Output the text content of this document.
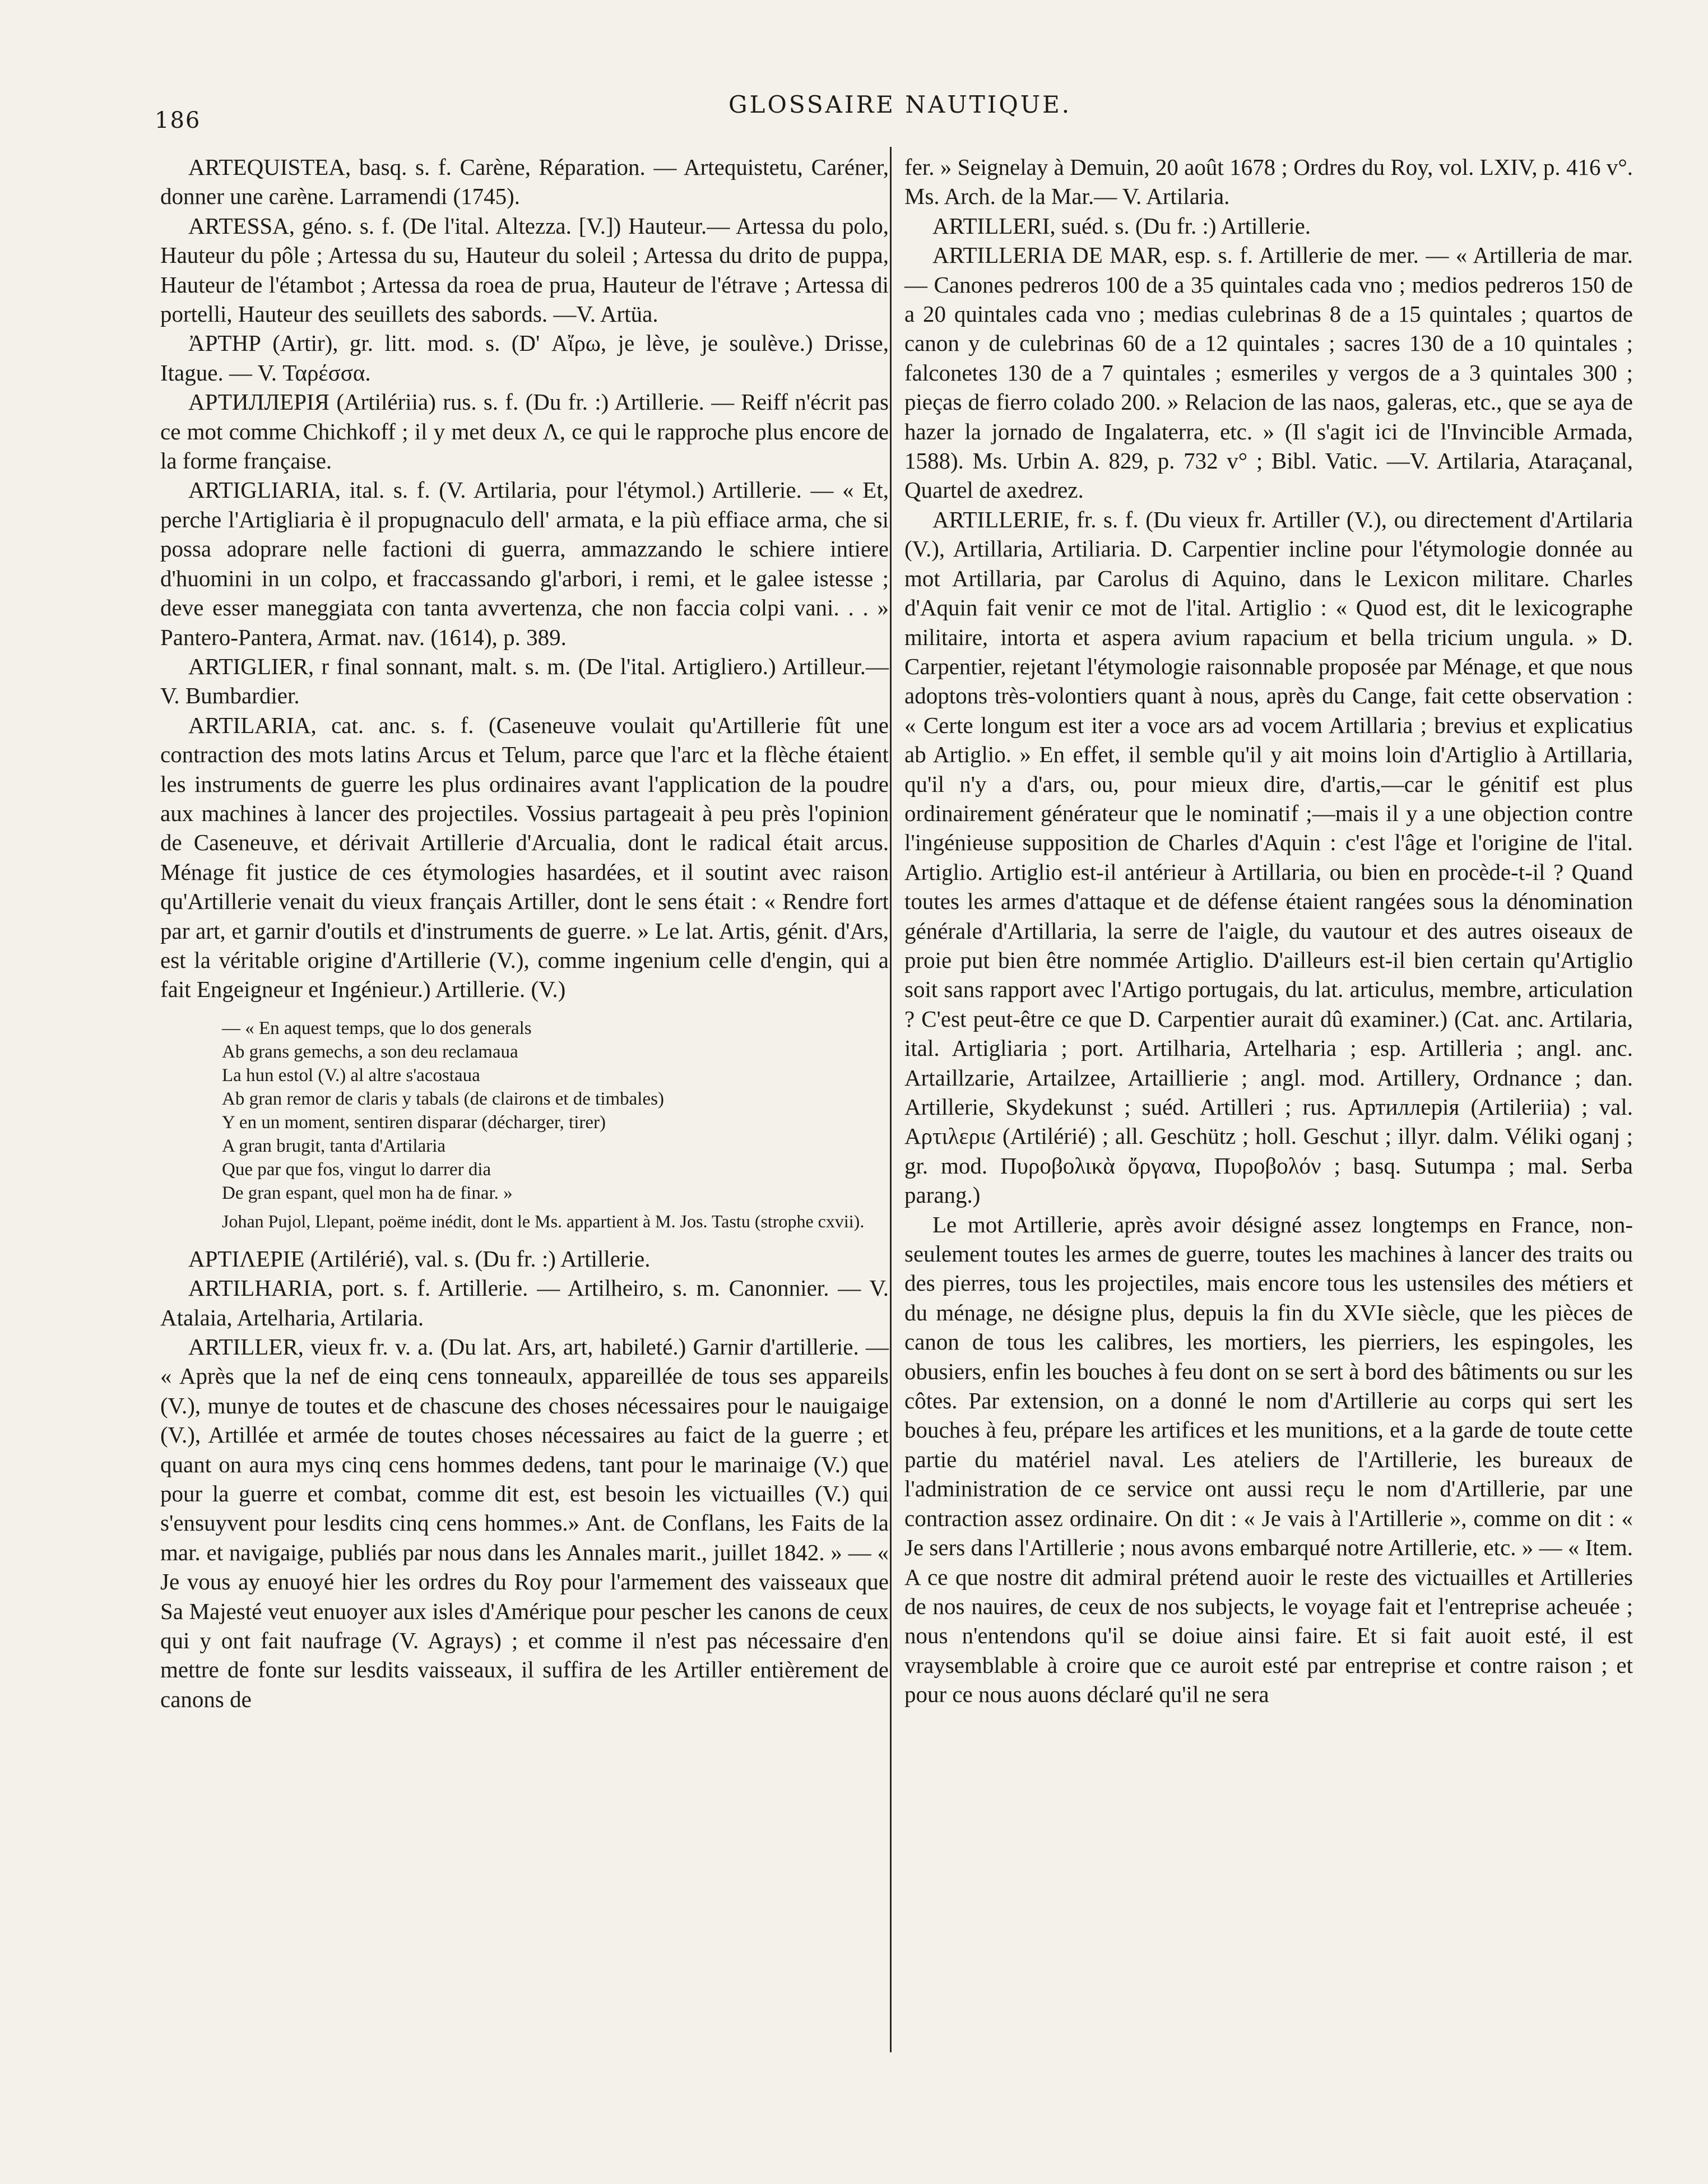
186
GLOSSAIRE NAUTIQUE.

ARTEQUISTEA, basq. s. f. Carène, Réparation. — Artequistetu, Caréner, donner une carène. Larramendi (1745).

ARTESSA, géno. s. f. (De l'ital. Altezza. [V.]) Hauteur.— Artessa du polo, Hauteur du pôle ; Artessa du su, Hauteur du soleil ; Artessa du drito de puppa, Hauteur de l'étambot ; Artessa da roea de prua, Hauteur de l'étrave ; Artessa di portelli, Hauteur des seuillets des sabords. —V. Artüa.

ἈΡΤΗΡ (Artir), gr. litt. mod. s. (D' Αἴρω, je lève, je soulève.) Drisse, Itague. — V. Ταρέσσα.

АРТИЛЛЕРIЯ (Artilériia) rus. s. f. (Du fr. :) Artillerie. — Reiff n'écrit pas ce mot comme Chichkoff ; il y met deux Λ, ce qui le rapproche plus encore de la forme française.

ARTIGLIARIA, ital. s. f. (V. Artilaria, pour l'étymol.) Artillerie. — « Et, perche l'Artigliaria è il propugnaculo dell' armata, e la più effiace arma, che si possa adoprare nelle factioni di guerra, ammazzando le schiere intiere d'huomini in un colpo, et fraccassando gl'arbori, i remi, et le galee istesse ; deve esser maneggiata con tanta avvertenza, che non faccia colpi vani. . . » Pantero-Pantera, Armat. nav. (1614), p. 389.

ARTIGLIER, r final sonnant, malt. s. m. (De l'ital. Artigliero.) Artilleur.— V. Bumbardier.

ARTILARIA, cat. anc. s. f. (Caseneuve voulait qu'Artillerie fût une contraction des mots latins Arcus et Telum, parce que l'arc et la flèche étaient les instruments de guerre les plus ordinaires avant l'application de la poudre aux machines à lancer des projectiles. Vossius partageait à peu près l'opinion de Caseneuve, et dérivait Artillerie d'Arcualia, dont le radical était arcus. Ménage fit justice de ces étymologies hasardées, et il soutint avec raison qu'Artillerie venait du vieux français Artiller, dont le sens était : « Rendre fort par art, et garnir d'outils et d'instruments de guerre. » Le lat. Artis, génit. d'Ars, est la véritable origine d'Artillerie (V.), comme ingenium celle d'engin, qui a fait Engeigneur et Ingénieur.) Artillerie. (V.)

— « En aquest temps, que lo dos generals
Ab grans gemechs, a son deu reclamaua
La hun estol (V.) al altre s'acostaua
Ab gran remor de claris y tabals (de clairons et de timbales)
Y en un moment, sentiren disparar (décharger, tirer)
A gran brugit, tanta d'Artilaria
Que par que fos, vingut lo darrer dia
De gran espant, quel mon ha de finar. »
Johan Pujol, Llepant, poëme inédit, dont le Ms. appartient à M. Jos. Tastu (strophe cxvii).

ΑΡΤΙΛΕΡΙΕ (Artilérié), val. s. (Du fr. :) Artillerie.

ARTILHARIA, port. s. f. Artillerie. — Artilheiro, s. m. Canonnier. — V. Atalaia, Artelharia, Artilaria.

ARTILLER, vieux fr. v. a. (Du lat. Ars, art, habileté.) Garnir d'artillerie. — « Après que la nef de einq cens tonneaulx, appareillée de tous ses appareils (V.), munye de toutes et de chascune des choses nécessaires pour le nauigaige (V.), Artillée et armée de toutes choses nécessaires au faict de la guerre ; et quant on aura mys cinq cens hommes dedens, tant pour le marinaige (V.) que pour la guerre et combat, comme dit est, est besoin les victuailles (V.) qui s'ensuyvent pour lesdits cinq cens hommes.» Ant. de Conflans, les Faits de la mar. et navigaige, publiés par nous dans les Annales marit., juillet 1842. » — « Je vous ay enuoyé hier les ordres du Roy pour l'armement des vaisseaux que Sa Majesté veut enuoyer aux isles d'Amérique pour pescher les canons de ceux qui y ont fait naufrage (V. Agrays) ; et comme il n'est pas nécessaire d'en mettre de fonte sur lesdits vaisseaux, il suffira de les Artiller entièrement de canons de

fer. » Seignelay à Demuin, 20 août 1678 ; Ordres du Roy, vol. LXIV, p. 416 v°. Ms. Arch. de la Mar.— V. Artilaria.

ARTILLERI, suéd. s. (Du fr. :) Artillerie.

ARTILLERIA DE MAR, esp. s. f. Artillerie de mer. — « Artilleria de mar. — Canones pedreros 100 de a 35 quintales cada vno ; medios pedreros 150 de a 20 quintales cada vno ; medias culebrinas 8 de a 15 quintales ; quartos de canon y de culebrinas 60 de a 12 quintales ; sacres 130 de a 10 quintales ; falconetes 130 de a 7 quintales ; esmeriles y vergos de a 3 quintales 300 ; pieças de fierro colado 200. » Relacion de las naos, galeras, etc., que se aya de hazer la jornado de Ingalaterra, etc. » (Il s'agit ici de l'Invincible Armada, 1588). Ms. Urbin A. 829, p. 732 v° ; Bibl. Vatic. —V. Artilaria, Ataraçanal, Quartel de axedrez.

ARTILLERIE, fr. s. f. (Du vieux fr. Artiller (V.), ou directement d'Artilaria (V.), Artillaria, Artiliaria. D. Carpentier incline pour l'étymologie donnée au mot Artillaria, par Carolus di Aquino, dans le Lexicon militare. Charles d'Aquin fait venir ce mot de l'ital. Artiglio : « Quod est, dit le lexicographe militaire, intorta et aspera avium rapacium et bella tricium ungula. » D. Carpentier, rejetant l'étymologie raisonnable proposée par Ménage, et que nous adoptons très-volontiers quant à nous, après du Cange, fait cette observation : « Certe longum est iter a voce ars ad vocem Artillaria ; brevius et explicatius ab Artiglio. » En effet, il semble qu'il y ait moins loin d'Artiglio à Artillaria, qu'il n'y a d'ars, ou, pour mieux dire, d'artis,—car le génitif est plus ordinairement générateur que le nominatif ;—mais il y a une objection contre l'ingénieuse supposition de Charles d'Aquin : c'est l'âge et l'origine de l'ital. Artiglio. Artiglio est-il antérieur à Artillaria, ou bien en procède-t-il ? Quand toutes les armes d'attaque et de défense étaient rangées sous la dénomination générale d'Artillaria, la serre de l'aigle, du vautour et des autres oiseaux de proie put bien être nommée Artiglio. D'ailleurs est-il bien certain qu'Artiglio soit sans rapport avec l'Artigo portugais, du lat. articulus, membre, articulation ? C'est peut-être ce que D. Carpentier aurait dû examiner.) (Cat. anc. Artilaria, ital. Artigliaria ; port. Artilharia, Artelharia ; esp. Artilleria ; angl. anc. Artaillzarie, Artailzee, Artaillierie ; angl. mod. Artillery, Ordnance ; dan. Artillerie, Skydekunst ; suéd. Artilleri ; rus. Артиллерiя (Artileriia) ; val. Αρτιλεριε (Artilérié) ; all. Geschütz ; holl. Geschut ; illyr. dalm. Véliki oganj ; gr. mod. Πυροβολικὰ ὄργανα, Πυροβολόν ; basq. Sutumpa ; mal. Serba parang.)

Le mot Artillerie, après avoir désigné assez longtemps en France, non-seulement toutes les armes de guerre, toutes les machines à lancer des traits ou des pierres, tous les projectiles, mais encore tous les ustensiles des métiers et du ménage, ne désigne plus, depuis la fin du XVIe siècle, que les pièces de canon de tous les calibres, les mortiers, les pierriers, les espingoles, les obusiers, enfin les bouches à feu dont on se sert à bord des bâtiments ou sur les côtes. Par extension, on a donné le nom d'Artillerie au corps qui sert les bouches à feu, prépare les artifices et les munitions, et a la garde de toute cette partie du matériel naval. Les ateliers de l'Artillerie, les bureaux de l'administration de ce service ont aussi reçu le nom d'Artillerie, par une contraction assez ordinaire. On dit : « Je vais à l'Artillerie », comme on dit : « Je sers dans l'Artillerie ; nous avons embarqué notre Artillerie, etc. » — « Item. A ce que nostre dit admiral prétend auoir le reste des victuailles et Artilleries de nos nauires, de ceux de nos subjects, le voyage fait et l'entreprise acheuée ; nous n'entendons qu'il se doiue ainsi faire. Et si fait auoit esté, il est vraysemblable à croire que ce auroit esté par entreprise et contre raison ; et pour ce nous auons déclaré qu'il ne sera
